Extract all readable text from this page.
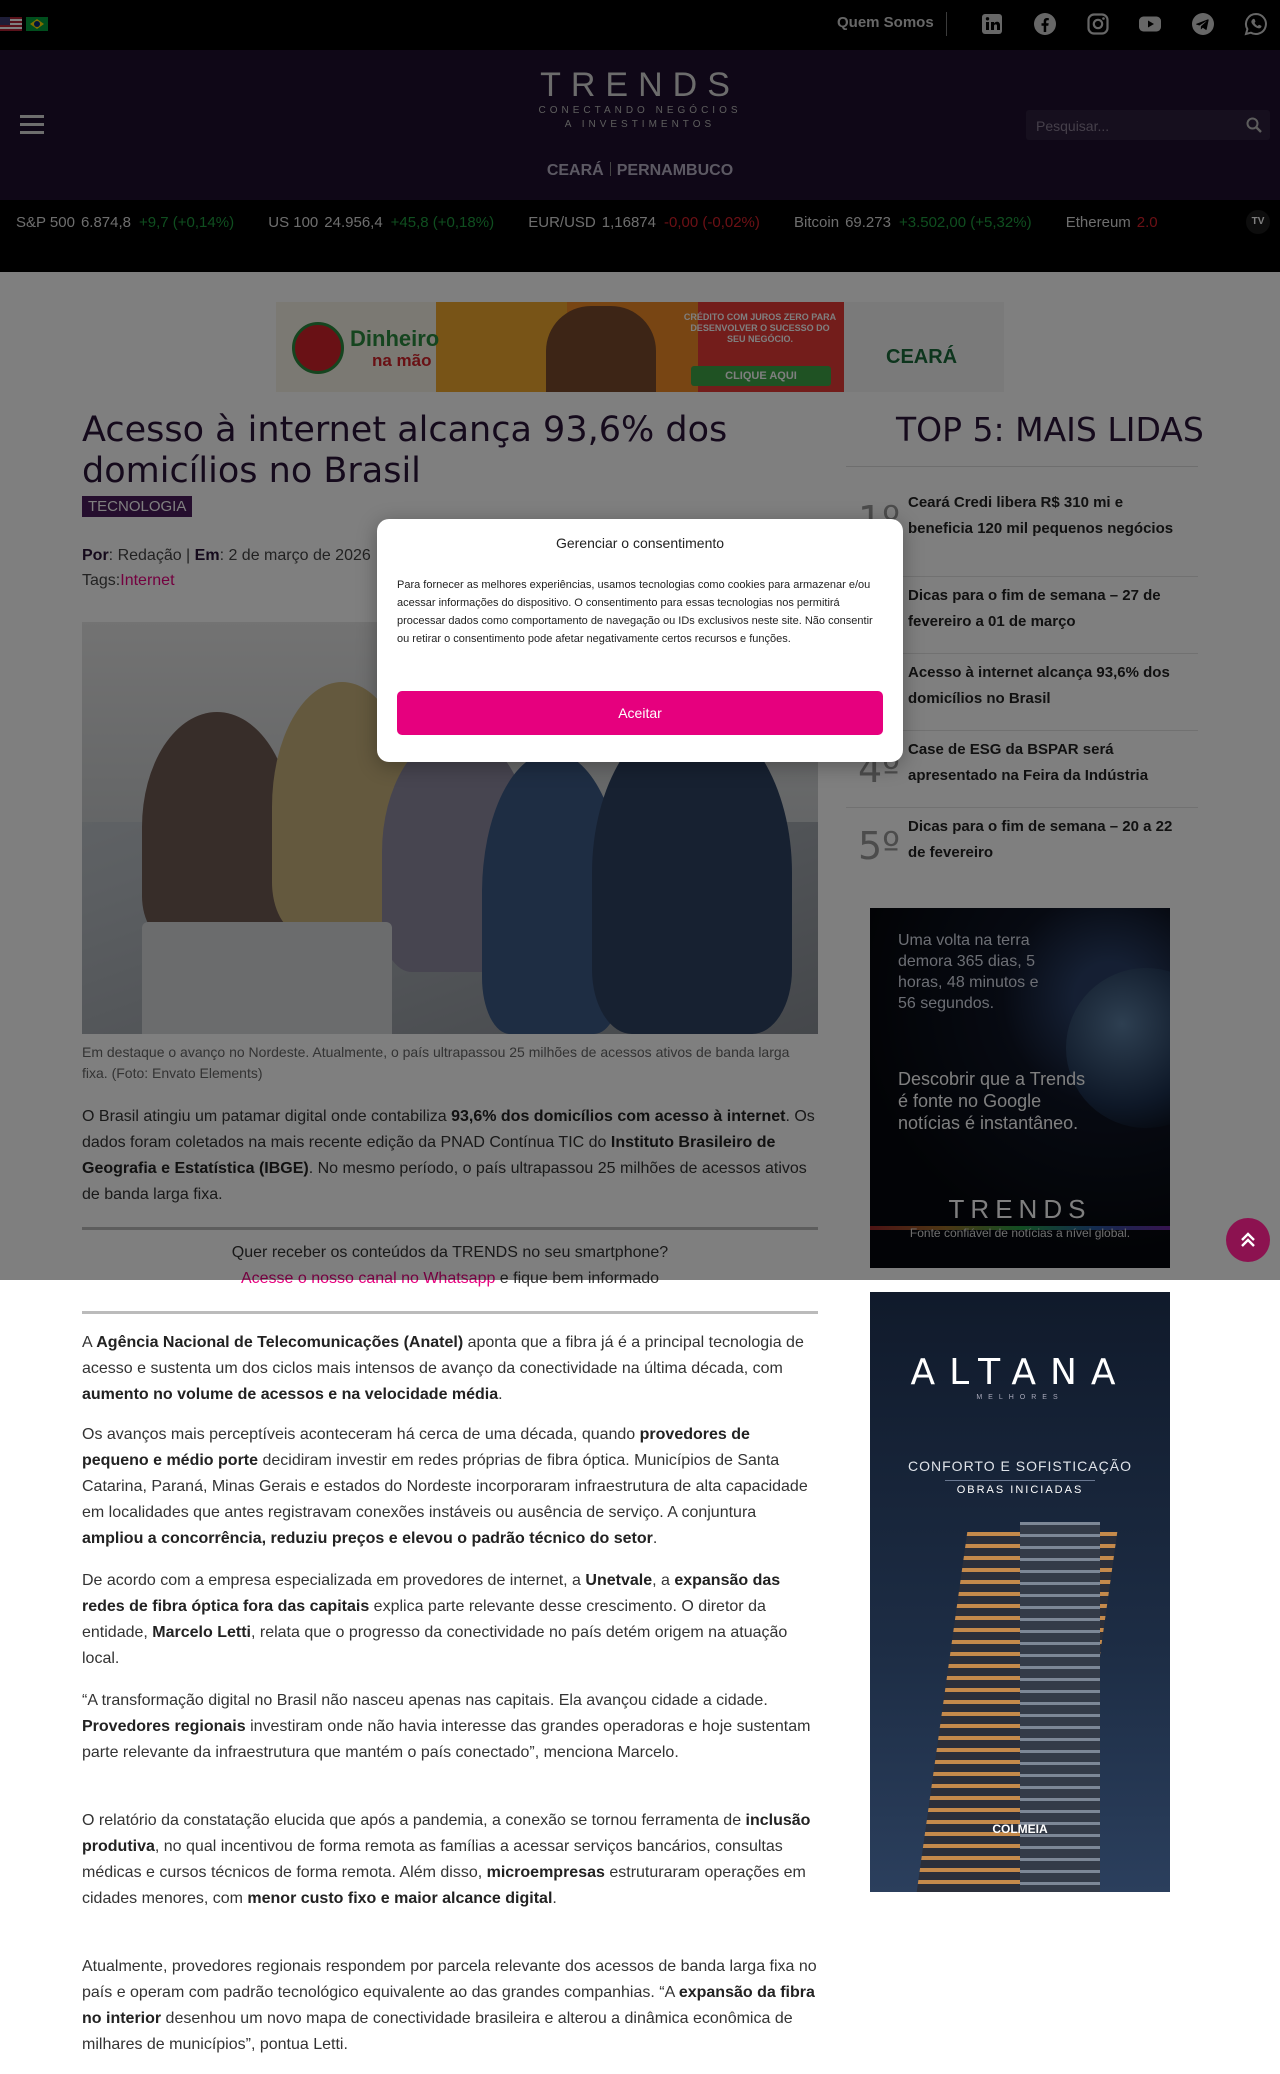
Pesquisar...

A Agência Nacional de Telecomunicações (Anatel) aponta que a fibra já é a principal tecnologia de acesso e sustenta um dos ciclos mais intensos de avanço da conectividade na última década, com aumento no volume de acessos e na velocidade média.

Os avanços mais perceptíveis aconteceram há cerca de uma década, quando provedores de pequeno e médio porte decidiram investir em redes próprias de fibra óptica. Municípios de Santa Catarina, Paraná, Minas Gerais e estados do Nordeste incorporaram infraestrutura de alta capacidade em localidades que antes registravam conexões instáveis ou ausência de serviço. A conjuntura ampliou a concorrência, reduziu preços e elevou o padrão técnico do setor.

De acordo com a empresa especializada em provedores de internet, a Unetvale, a expansão das redes de fibra óptica fora das capitais explica parte relevante desse crescimento. O diretor da entidade, Marcelo Letti, relata que o progresso da conectividade no país detém origem na atuação local.

“A transformação digital no Brasil não nasceu apenas nas capitais. Ela avançou cidade a cidade. Provedores regionais investiram onde não havia interesse das grandes operadoras e hoje sustentam parte relevante da infraestrutura que mantém o país conectado”, menciona Marcelo.

O relatório da constatação elucida que após a pandemia, a conexão se tornou ferramenta de inclusão produtiva, no qual incentivou de forma remota as famílias a acessar serviços bancários, consultas médicas e cursos técnicos de forma remota. Além disso, microempresas estruturaram operações em cidades menores, com menor custo fixo e maior alcance digital.

Atualmente, provedores regionais respondem por parcela relevante dos acessos de banda larga fixa no país e operam com padrão tecnológico equivalente ao das grandes companhias. “A expansão da fibra no interior desenhou um novo mapa de conectividade brasileira e alterou a dinâmica econômica de milhares de municípios”, pontua Letti.

ALTANA
MELHORES
CONFORTO E SOFISTICAÇÃO
OBRAS INICIADAS
COLMEIA
Gerenciar o consentimento

Para fornecer as melhores experiências, usamos tecnologias como cookies para armazenar e/ou acessar informações do dispositivo. O consentimento para essas tecnologias nos permitirá processar dados como comportamento de navegação ou IDs exclusivos neste site. Não consentir ou retirar o consentimento pode afetar negativamente certos recursos e funções.

Aceitar
